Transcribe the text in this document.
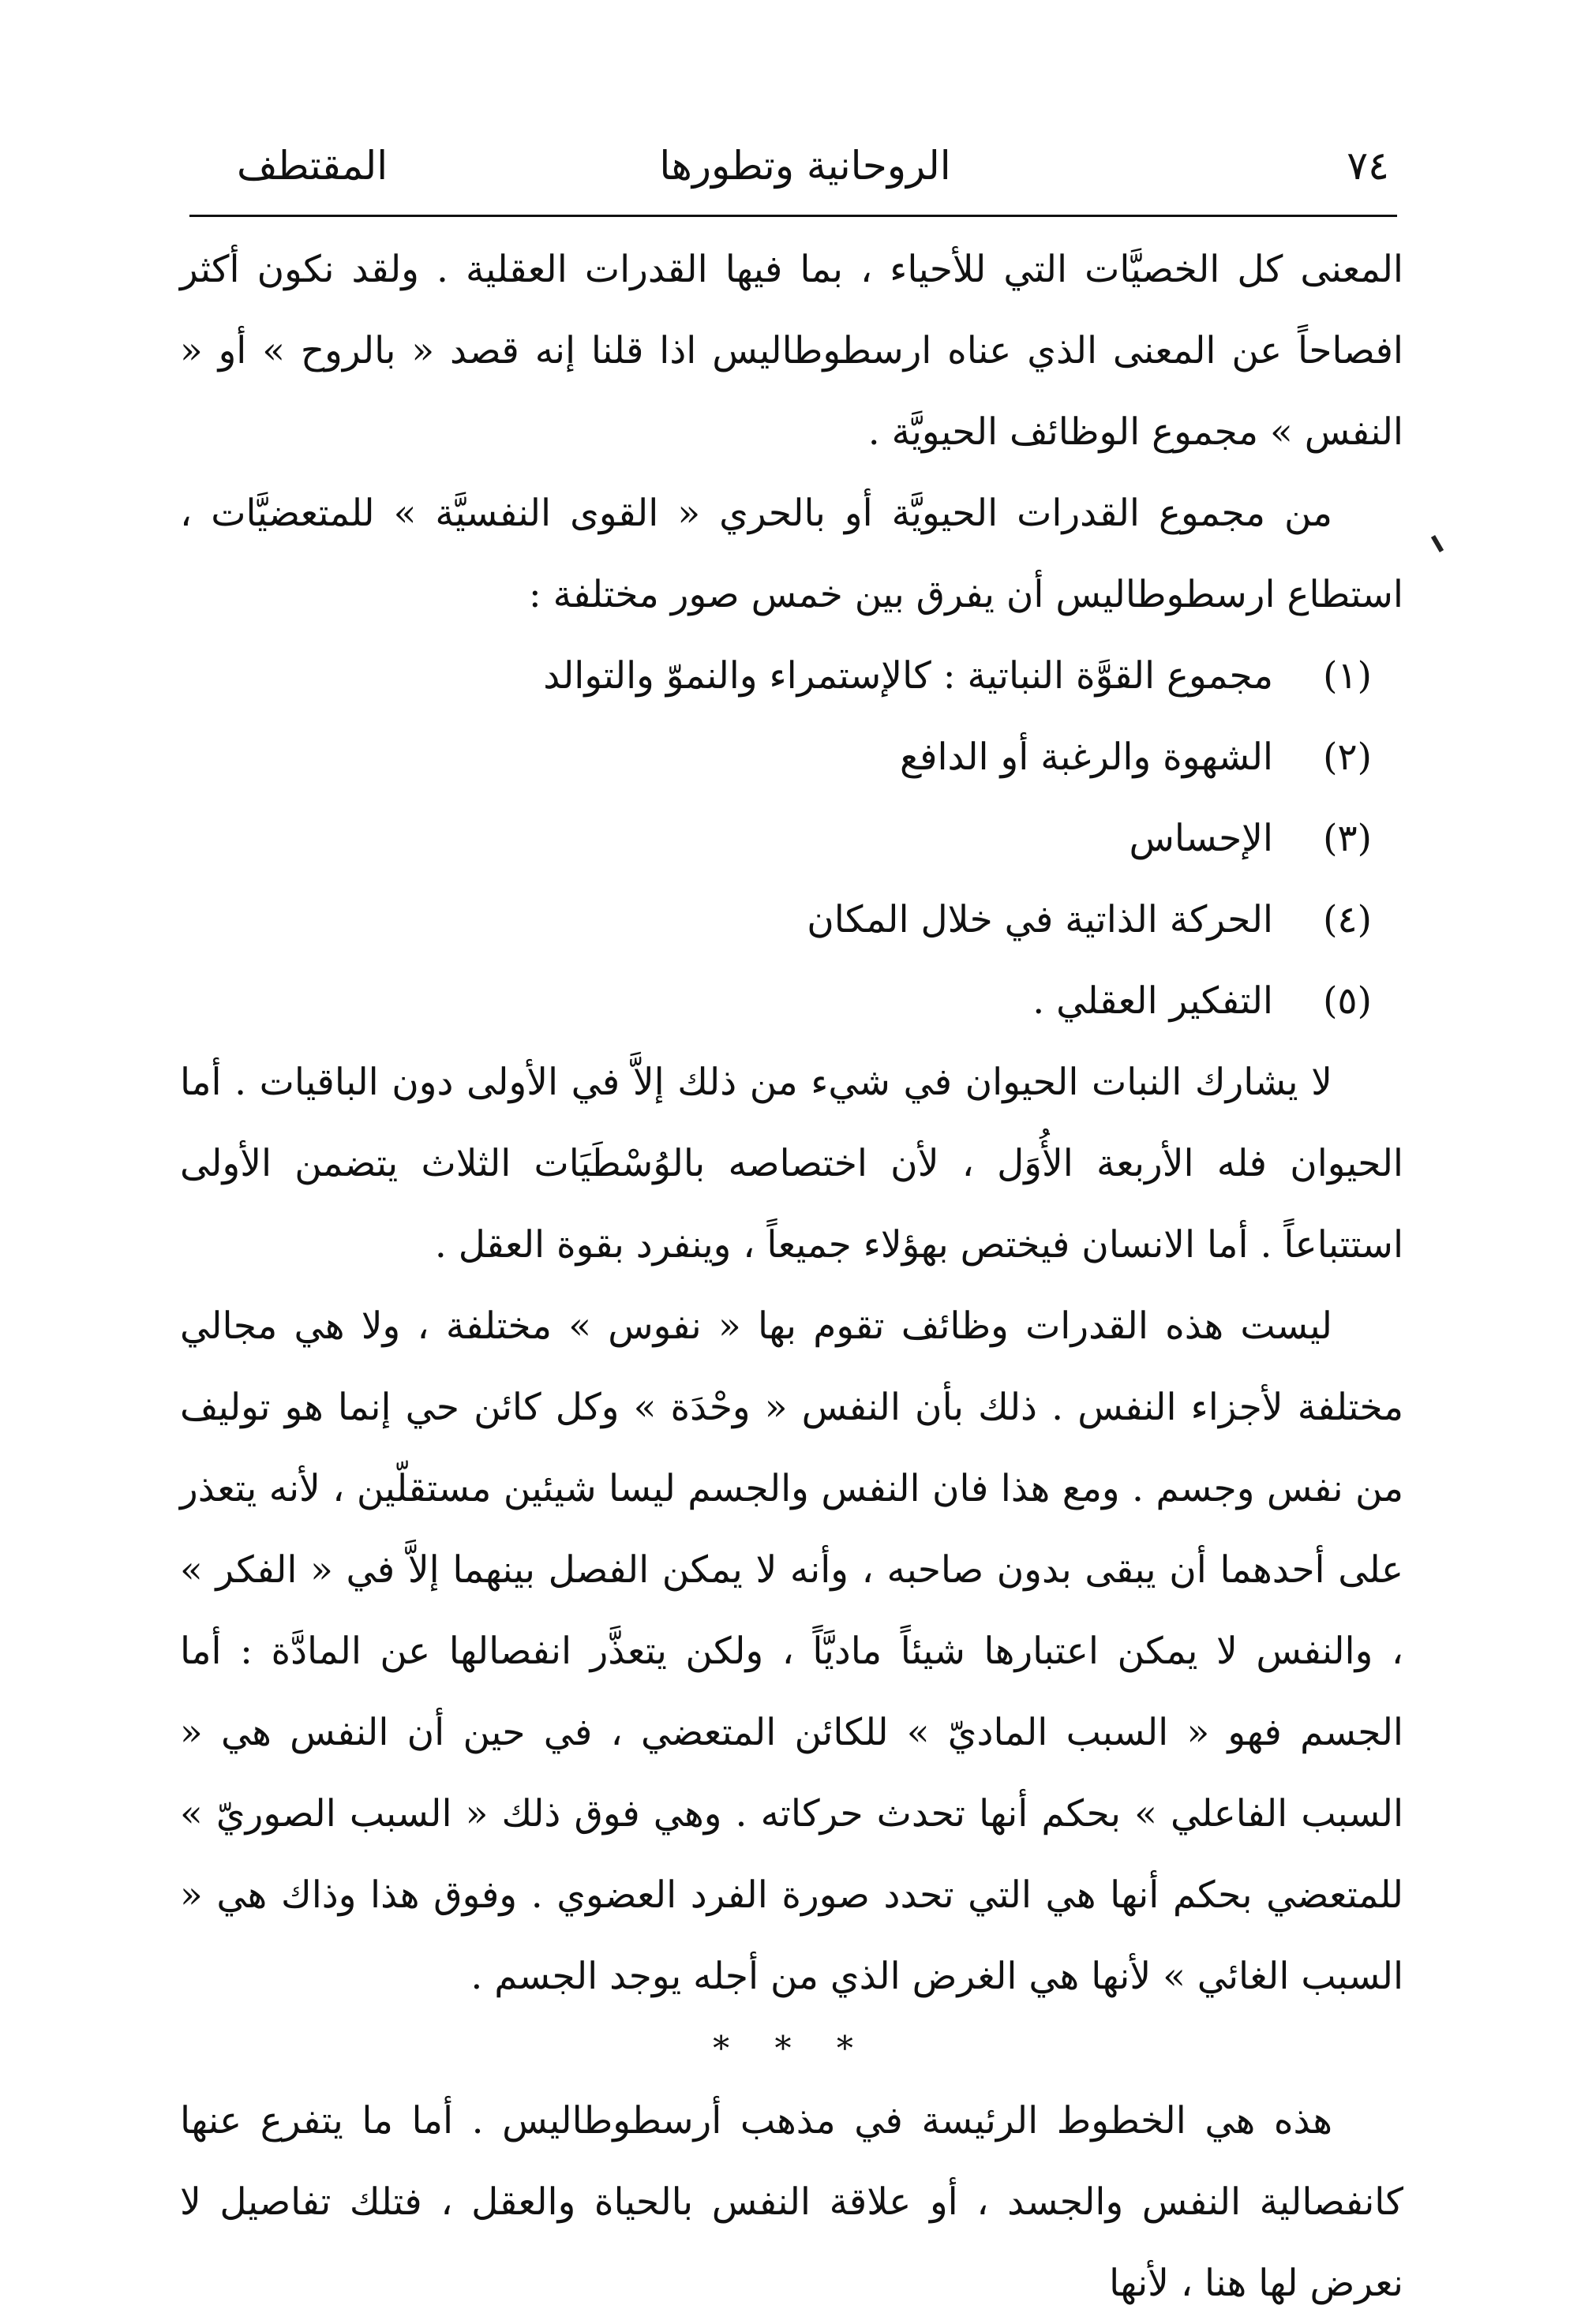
٧٤
الروحانية وتطورها
المقتطف

المعنى كل الخصيَّات التي للأحياء ، بما فيها القدرات العقلية . ولقد نكون أكثر افصاحاً عن المعنى الذي عناه ارسطوطاليس اذا قلنا إنه قصد « بالروح » أو « النفس » مجموع الوظائف الحيويَّة .

من مجموع القدرات الحيويَّة أو بالحري « القوى النفسيَّة » للمتعضيَّات ، استطاع ارسطوطاليس أن يفرق بين خمس صور مختلفة :

(١)
مجموع القوَّة النباتية : كالإستمراء والنموّ والتوالد
(٢)
الشهوة والرغبة أو الدافع
(٣)
الإحساس
(٤)
الحركة الذاتية في خلال المكان
(٥)
التفكير العقلي .

لا يشارك النبات الحيوان في شيء من ذلك إلاَّ في الأولى دون الباقيات . أما الحيوان فله الأربعة الأُوَل ، لأن اختصاصه بالوُسْطَيَات الثلاث يتضمن الأولى استتباعاً . أما الانسان فيختص بهؤلاء جميعاً ، وينفرد بقوة العقل .

ليست هذه القدرات وظائف تقوم بها « نفوس » مختلفة ، ولا هي مجالي مختلفة لأجزاء النفس . ذلك بأن النفس « وحْدَة » وكل كائن حي إنما هو توليف من نفس وجسم . ومع هذا فان النفس والجسم ليسا شيئين مستقلّين ، لأنه يتعذر على أحدهما أن يبقى بدون صاحبه ، وأنه لا يمكن الفصل بينهما إلاَّ في « الفكر » ، والنفس لا يمكن اعتبارها شيئاً ماديَّاً ، ولكن يتعذَّر انفصالها عن المادَّة : أما الجسم فهو « السبب الماديّ » للكائن المتعضي ، في حين أن النفس هي « السبب الفاعلي » بحكم أنها تحدث حركاته . وهي فوق ذلك « السبب الصوريّ » للمتعضي بحكم أنها هي التي تحدد صورة الفرد العضوي . وفوق هذا وذاك هي « السبب الغائي » لأنها هي الغرض الذي من أجله يوجد الجسم .

* * *

هذه هي الخطوط الرئيسة في مذهب أرسطوطاليس . أما ما يتفرع عنها كانفصالية النفس والجسد ، أو علاقة النفس بالحياة والعقل ، فتلك تفاصيل لا نعرض لها هنا ، لأنها
